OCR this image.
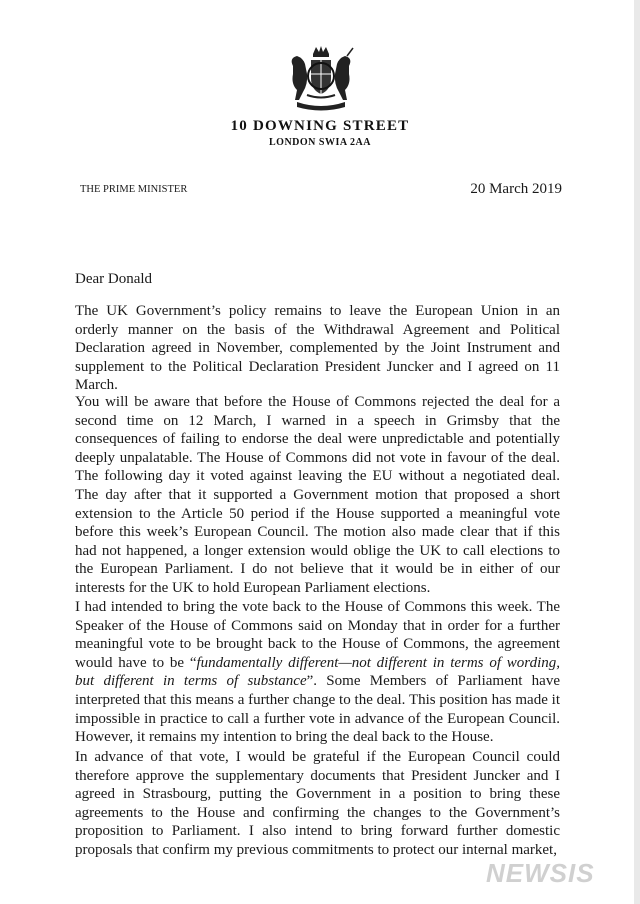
10 DOWNING STREET
LONDON SWIA 2AA
THE PRIME MINISTER	20 March 2019
Dear Donald

The UK Government’s policy remains to leave the European Union in an orderly manner on the basis of the Withdrawal Agreement and Political Declaration agreed in November, complemented by the Joint Instrument and supplement to the Political Declaration President Juncker and I agreed on 11 March.

You will be aware that before the House of Commons rejected the deal for a second time on 12 March, I warned in a speech in Grimsby that the consequences of failing to endorse the deal were unpredictable and potentially deeply unpalatable. The House of Commons did not vote in favour of the deal. The following day it voted against leaving the EU without a negotiated deal. The day after that it supported a Government motion that proposed a short extension to the Article 50 period if the House supported a meaningful vote before this week’s European Council. The motion also made clear that if this had not happened, a longer extension would oblige the UK to call elections to the European Parliament. I do not believe that it would be in either of our interests for the UK to hold European Parliament elections.

I had intended to bring the vote back to the House of Commons this week. The Speaker of the House of Commons said on Monday that in order for a further meaningful vote to be brought back to the House of Commons, the agreement would have to be “fundamentally different—not different in terms of wording, but different in terms of substance”. Some Members of Parliament have interpreted that this means a further change to the deal. This position has made it impossible in practice to call a further vote in advance of the European Council. However, it remains my intention to bring the deal back to the House.

In advance of that vote, I would be grateful if the European Council could therefore approve the supplementary documents that President Juncker and I agreed in Strasbourg, putting the Government in a position to bring these agreements to the House and confirming the changes to the Government’s proposition to Parliament. I also intend to bring forward further domestic proposals that confirm my previous commitments to protect our internal market,

NEWSIS
